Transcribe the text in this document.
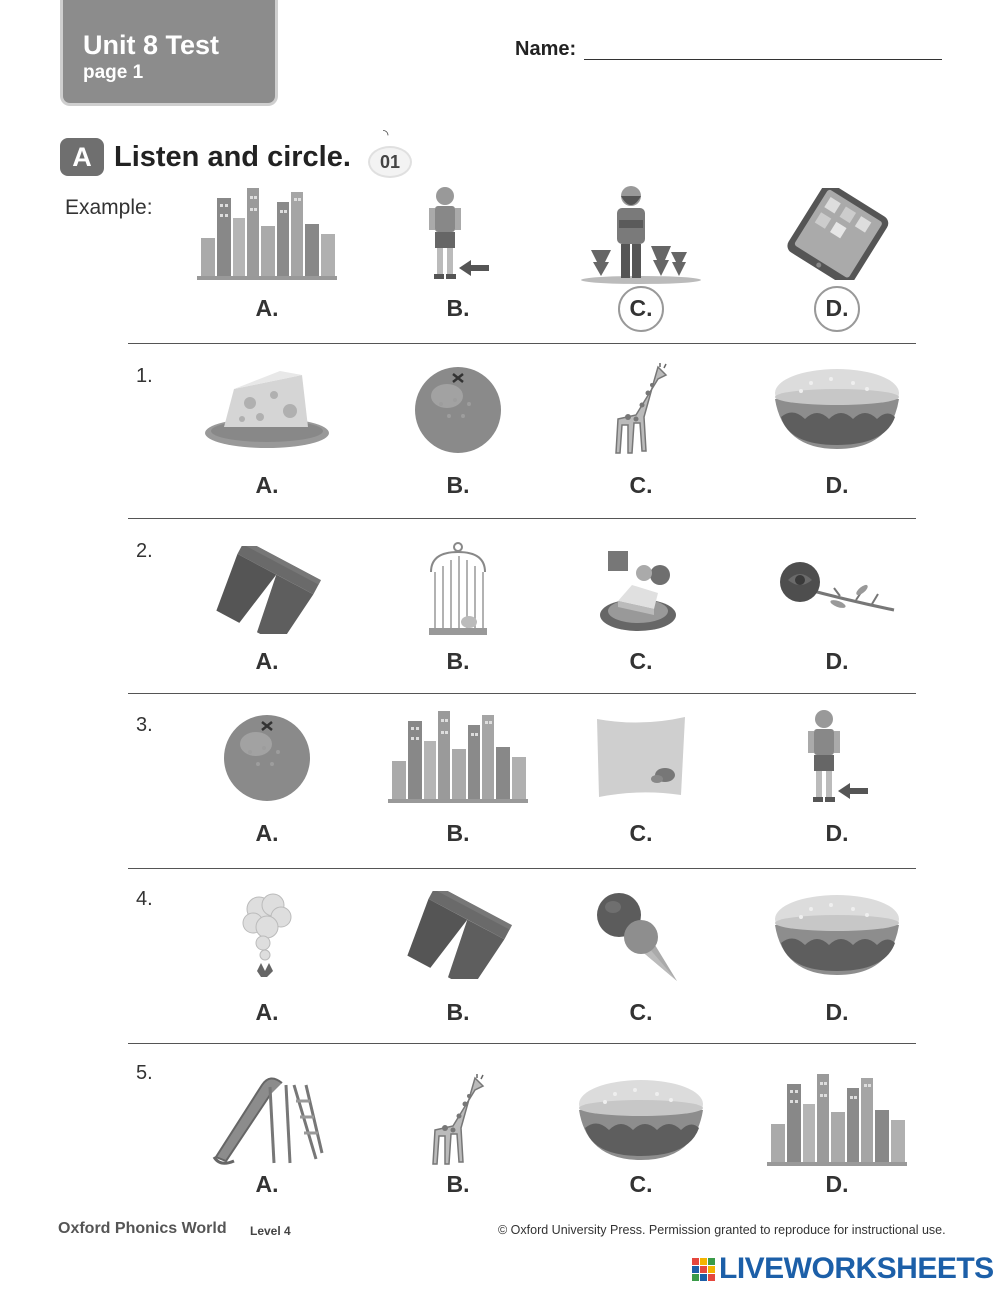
Unit 8 Test
page 1
Name:
A Listen and circle.
◝
01
Example:
A.	B.	C.	D.
1.
A.	B.	C.	D.
2.
A.	B.	C.	D.
3.
A.	B.	C.	D.
4.
A.	B.	C.	D.
5.
A.	B.	C.	D.
Oxford Phonics World Level 4	© Oxford University Press. Permission granted to reproduce for instructional use.
LIVEWORKSHEETS
